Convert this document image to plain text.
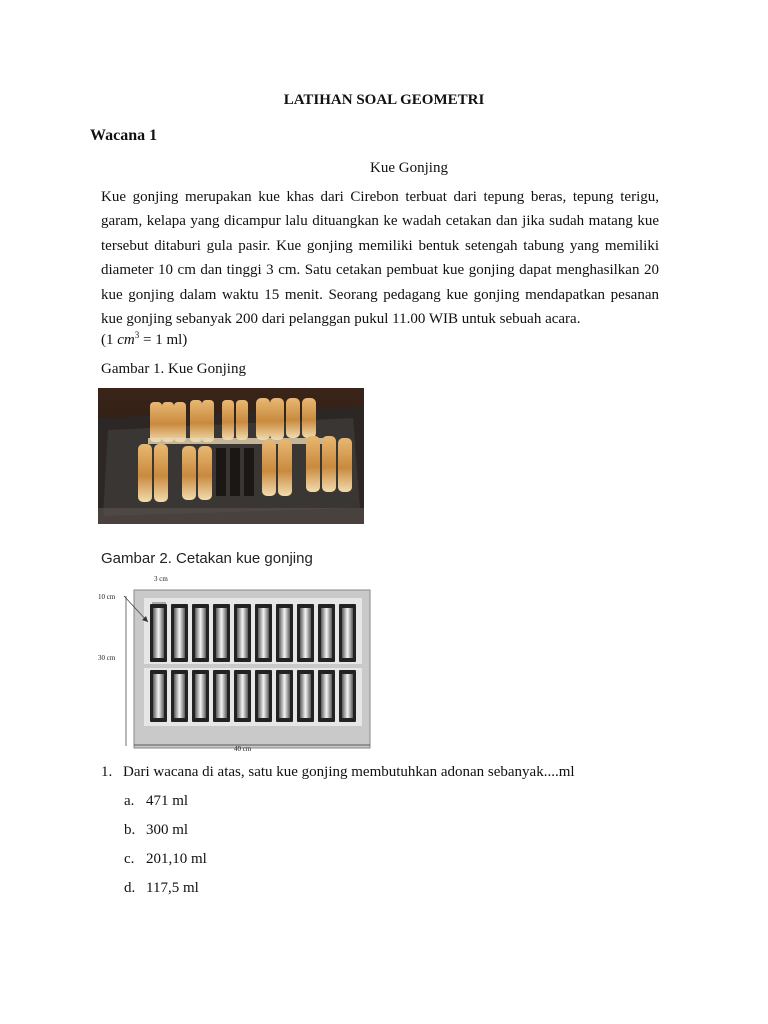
LATIHAN SOAL GEOMETRI
Wacana 1
Kue Gonjing
Kue gonjing merupakan kue khas dari Cirebon terbuat dari tepung beras, tepung terigu,
garam, kelapa yang dicampur lalu dituangkan ke wadah cetakan dan jika sudah matang kue
tersebut ditaburi gula pasir. Kue gonjing memiliki bentuk setengah tabung yang memiliki
diameter 10 cm dan tinggi 3 cm. Satu cetakan pembuat kue gonjing dapat menghasilkan 20
kue gonjing dalam waktu 15 menit. Seorang pedagang kue gonjing mendapatkan pesanan
kue gonjing sebanyak 200 dari pelanggan pukul 11.00 WIB untuk sebuah acara.
(1 $cm^3 = 1$ ml)
Gambar 1. Kue Gonjing
Gambar 2. Cetakan kue gonjing
3 cm
10 cm
30 cm
40 cm
1. Dari wacana di atas, satu kue gonjing membutuhkan adonan sebanyak....ml
a. 471 ml
b. 300 ml
c. 201,10 ml
d. 117,5 ml
